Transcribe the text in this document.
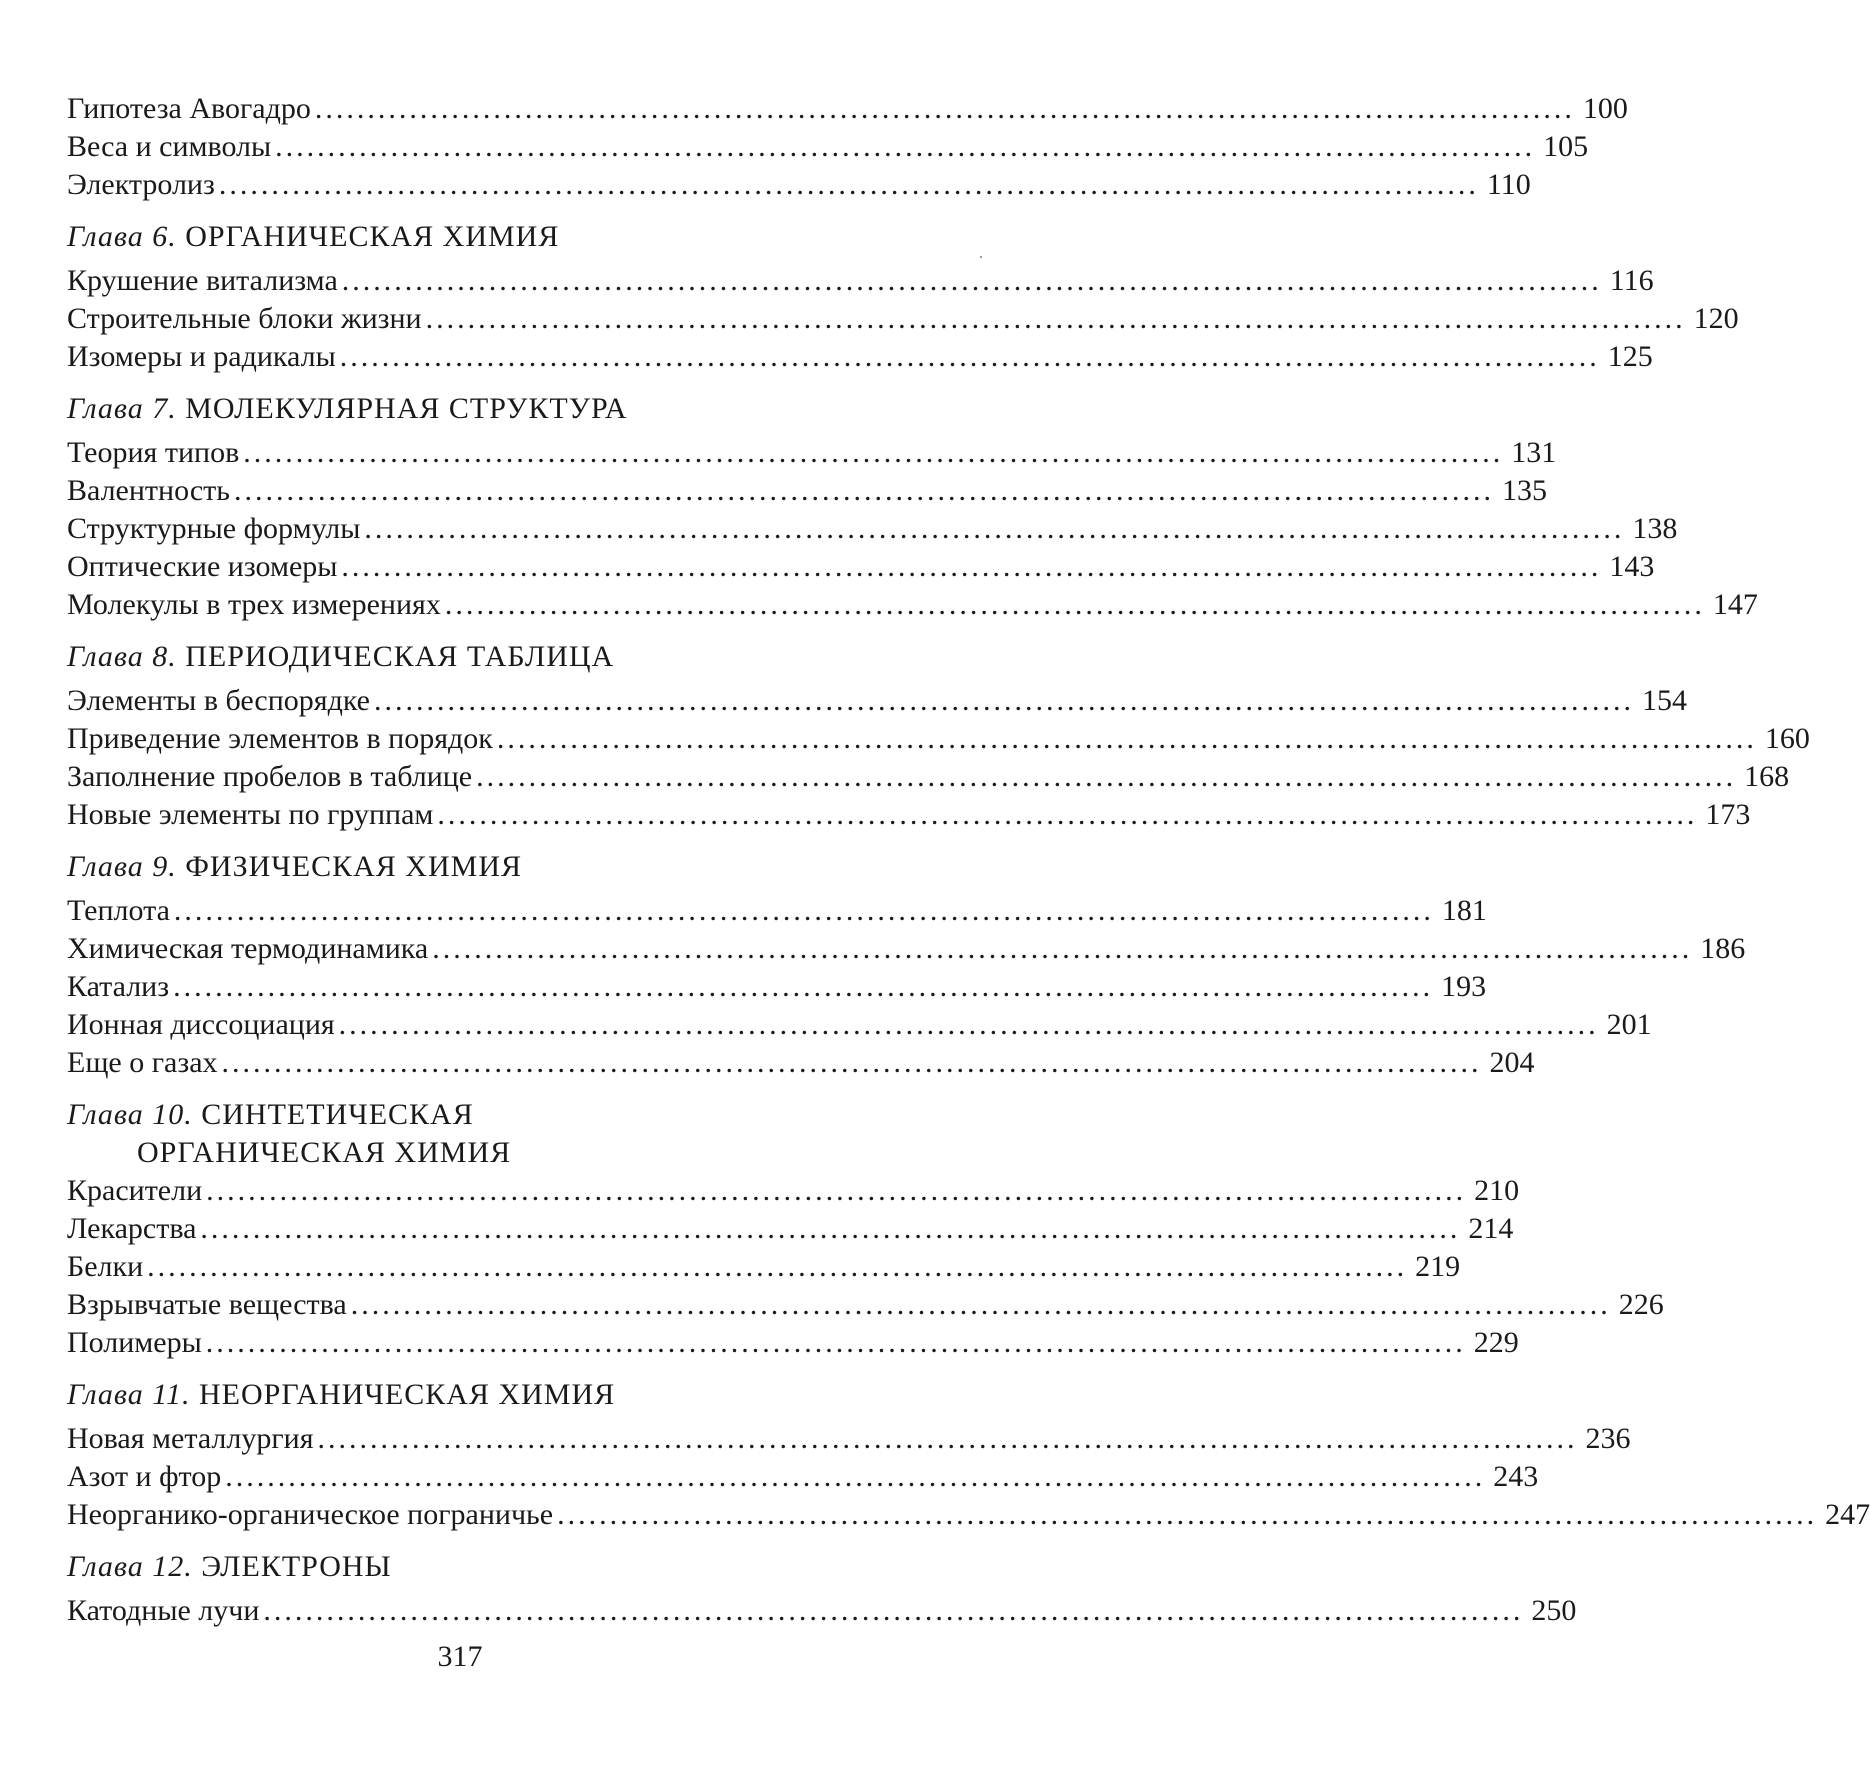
Гипотеза Авогадро ........................................................................................................................ 100
Веса и символы ........................................................................................................................ 105
Электролиз ........................................................................................................................ 110
Глава 6. ОРГАНИЧЕСКАЯ ХИМИЯ
Крушение витализма ........................................................................................................................ 116
Строительные блоки жизни ........................................................................................................................ 120
Изомеры и радикалы ........................................................................................................................ 125
Глава 7. МОЛЕКУЛЯРНАЯ СТРУКТУРА
Теория типов ........................................................................................................................ 131
Валентность ........................................................................................................................ 135
Структурные формулы ........................................................................................................................ 138
Оптические изомеры ........................................................................................................................ 143
Молекулы в трех измерениях ........................................................................................................................ 147
Глава 8. ПЕРИОДИЧЕСКАЯ ТАБЛИЦА
Элементы в беспорядке ........................................................................................................................ 154
Приведение элементов в порядок ........................................................................................................................ 160
Заполнение пробелов в таблице ........................................................................................................................ 168
Новые элементы по группам ........................................................................................................................ 173
Глава 9. ФИЗИЧЕСКАЯ ХИМИЯ
Теплота ........................................................................................................................ 181
Химическая термодинамика ........................................................................................................................ 186
Катализ ........................................................................................................................ 193
Ионная диссоциация ........................................................................................................................ 201
Еще о газах ........................................................................................................................ 204
Глава 10. СИНТЕТИЧЕСКАЯ
ОРГАНИЧЕСКАЯ ХИМИЯ
Красители ........................................................................................................................ 210
Лекарства ........................................................................................................................ 214
Белки ........................................................................................................................ 219
Взрывчатые вещества ........................................................................................................................ 226
Полимеры ........................................................................................................................ 229
Глава 11. НЕОРГАНИЧЕСКАЯ ХИМИЯ
Новая металлургия ........................................................................................................................ 236
Азот и фтор ........................................................................................................................ 243
Неорганико-органическое пограничье ........................................................................................................................ 247
Глава 12. ЭЛЕКТРОНЫ
Катодные лучи ........................................................................................................................ 250
317
